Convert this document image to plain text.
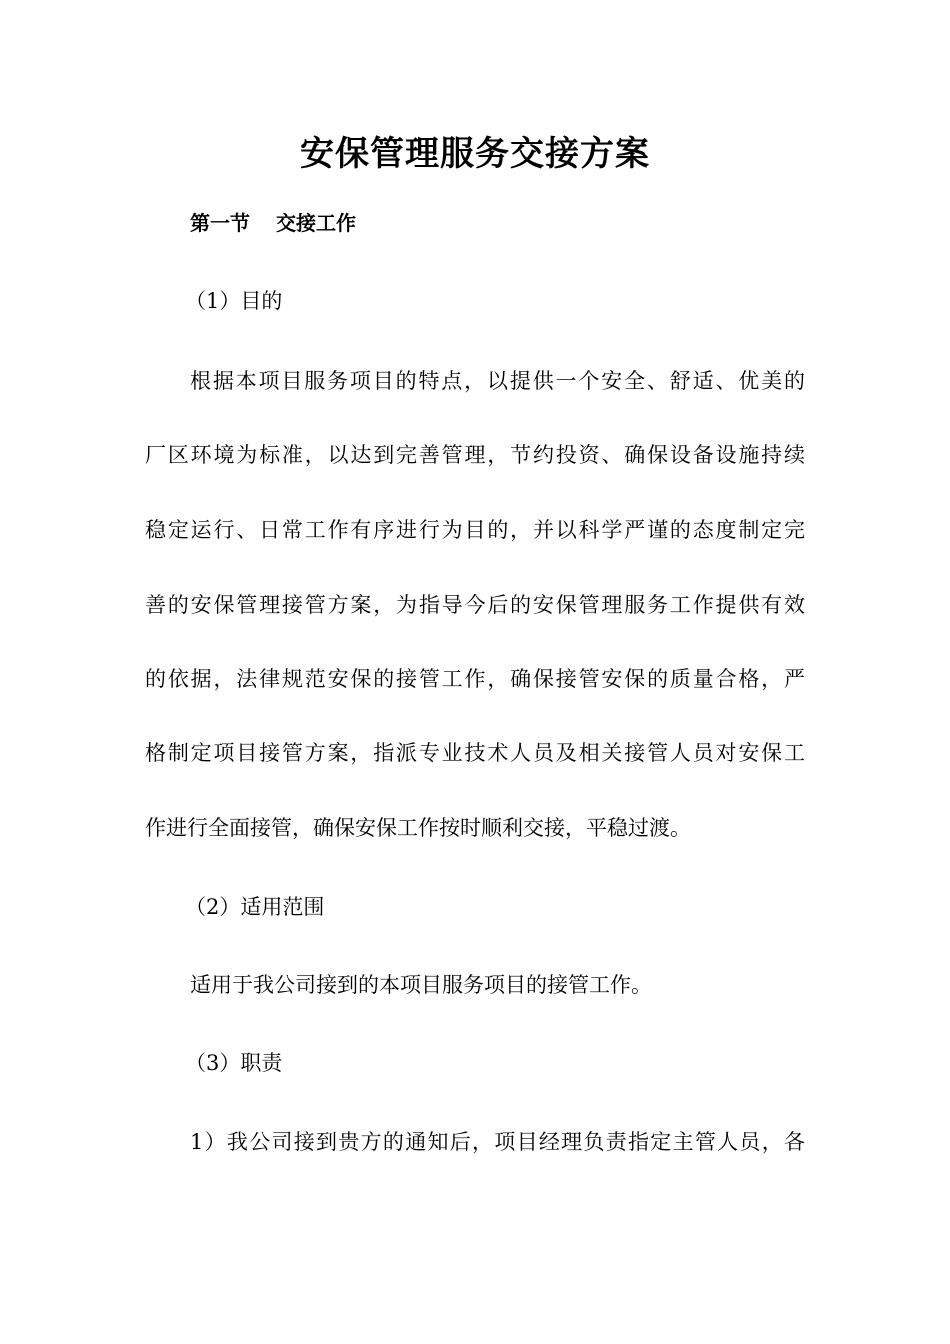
安保管理服务交接方案
第一节 交接工作
（1）目的
根据本项目服务项目的特点，以提供一个安全、舒适、优美的
厂区环境为标准，以达到完善管理，节约投资、确保设备设施持续
稳定运行、日常工作有序进行为目的，并以科学严谨的态度制定完
善的安保管理接管方案，为指导今后的安保管理服务工作提供有效
的依据，法律规范安保的接管工作，确保接管安保的质量合格，严
格制定项目接管方案，指派专业技术人员及相关接管人员对安保工
作进行全面接管，确保安保工作按时顺利交接，平稳过渡。
（2）适用范围
适用于我公司接到的本项目服务项目的接管工作。
（3）职责
1）我公司接到贵方的通知后，项目经理负责指定主管人员，各
